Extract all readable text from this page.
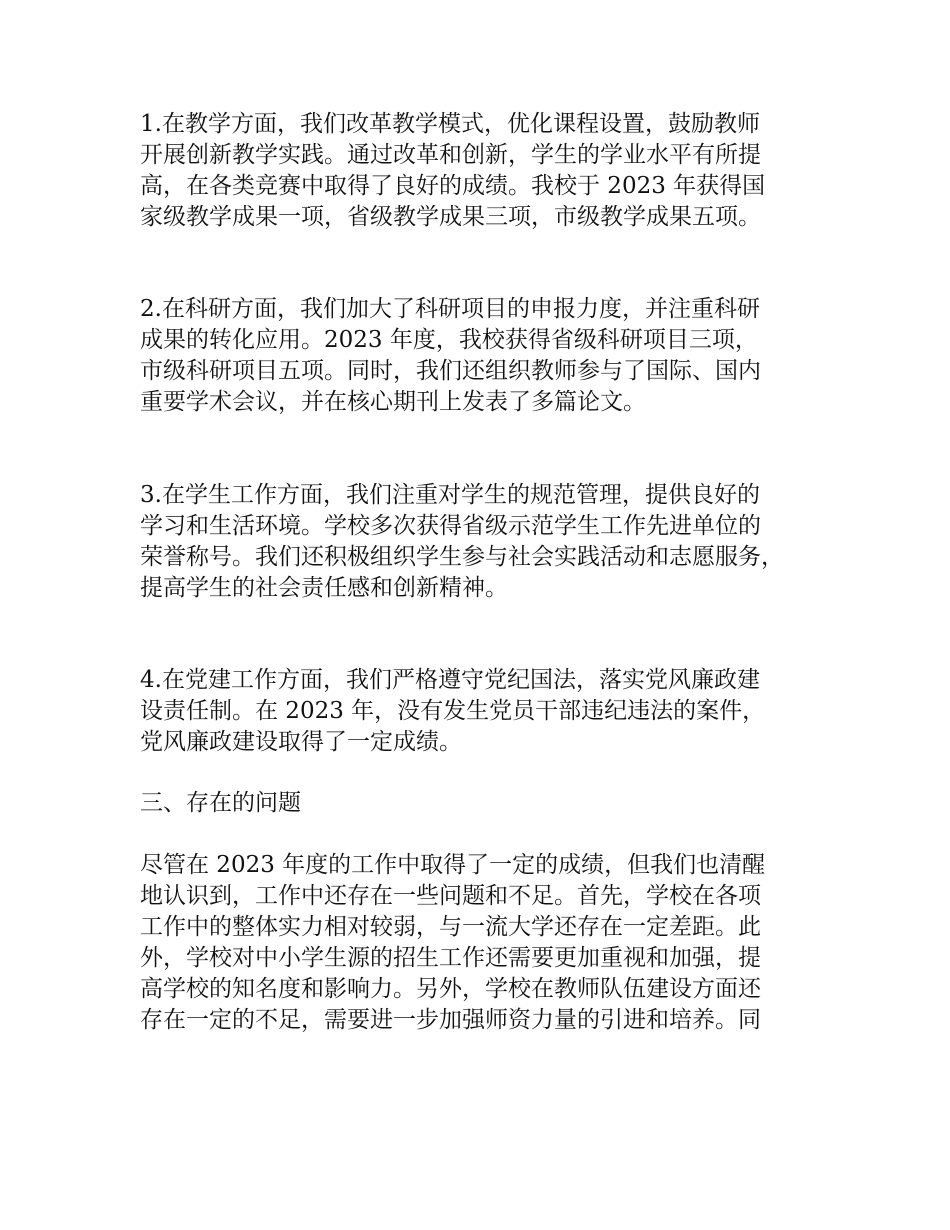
1.在教学方面，我们改革教学模式，优化课程设置，鼓励教师
开展创新教学实践。通过改革和创新，学生的学业水平有所提
高，在各类竞赛中取得了良好的成绩。我校于 2023 年获得国
家级教学成果一项，省级教学成果三项，市级教学成果五项。

2.在科研方面，我们加大了科研项目的申报力度，并注重科研
成果的转化应用。2023 年度，我校获得省级科研项目三项，
市级科研项目五项。同时，我们还组织教师参与了国际、国内
重要学术会议，并在核心期刊上发表了多篇论文。

3.在学生工作方面，我们注重对学生的规范管理，提供良好的
学习和生活环境。学校多次获得省级示范学生工作先进单位的
荣誉称号。我们还积极组织学生参与社会实践活动和志愿服务，
提高学生的社会责任感和创新精神。

4.在党建工作方面，我们严格遵守党纪国法，落实党风廉政建
设责任制。在 2023 年，没有发生党员干部违纪违法的案件，
党风廉政建设取得了一定成绩。

三、存在的问题

尽管在 2023 年度的工作中取得了一定的成绩，但我们也清醒
地认识到，工作中还存在一些问题和不足。首先，学校在各项
工作中的整体实力相对较弱，与一流大学还存在一定差距。此
外，学校对中小学生源的招生工作还需要更加重视和加强，提
高学校的知名度和影响力。另外，学校在教师队伍建设方面还
存在一定的不足，需要进一步加强师资力量的引进和培养。同
